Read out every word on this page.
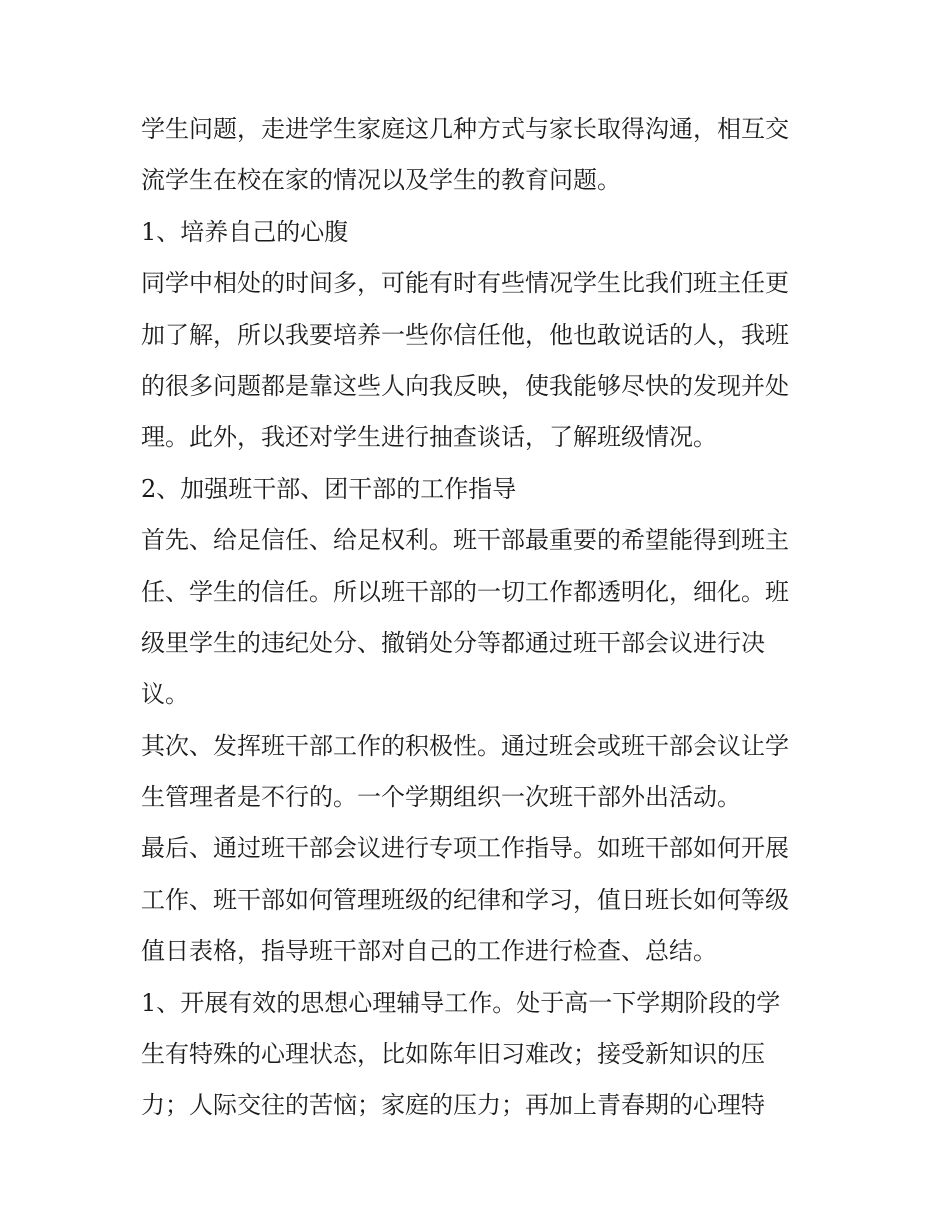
学生问题，走进学生家庭这几种方式与家长取得沟通，相互交

流学生在校在家的情况以及学生的教育问题。

1、培养自己的心腹

同学中相处的时间多，可能有时有些情况学生比我们班主任更

加了解，所以我要培养一些你信任他，他也敢说话的人，我班

的很多问题都是靠这些人向我反映，使我能够尽快的发现并处

理。此外，我还对学生进行抽查谈话，了解班级情况。

2、加强班干部、团干部的工作指导

首先、给足信任、给足权利。班干部最重要的希望能得到班主

任、学生的信任。所以班干部的一切工作都透明化，细化。班

级里学生的违纪处分、撤销处分等都通过班干部会议进行决

议。

其次、发挥班干部工作的积极性。通过班会或班干部会议让学

生管理者是不行的。一个学期组织一次班干部外出活动。

最后、通过班干部会议进行专项工作指导。如班干部如何开展

工作、班干部如何管理班级的纪律和学习，值日班长如何等级

值日表格，指导班干部对自己的工作进行检查、总结。

1、开展有效的思想心理辅导工作。处于高一下学期阶段的学

生有特殊的心理状态，比如陈年旧习难改；接受新知识的压

力；人际交往的苦恼；家庭的压力；再加上青春期的心理特
